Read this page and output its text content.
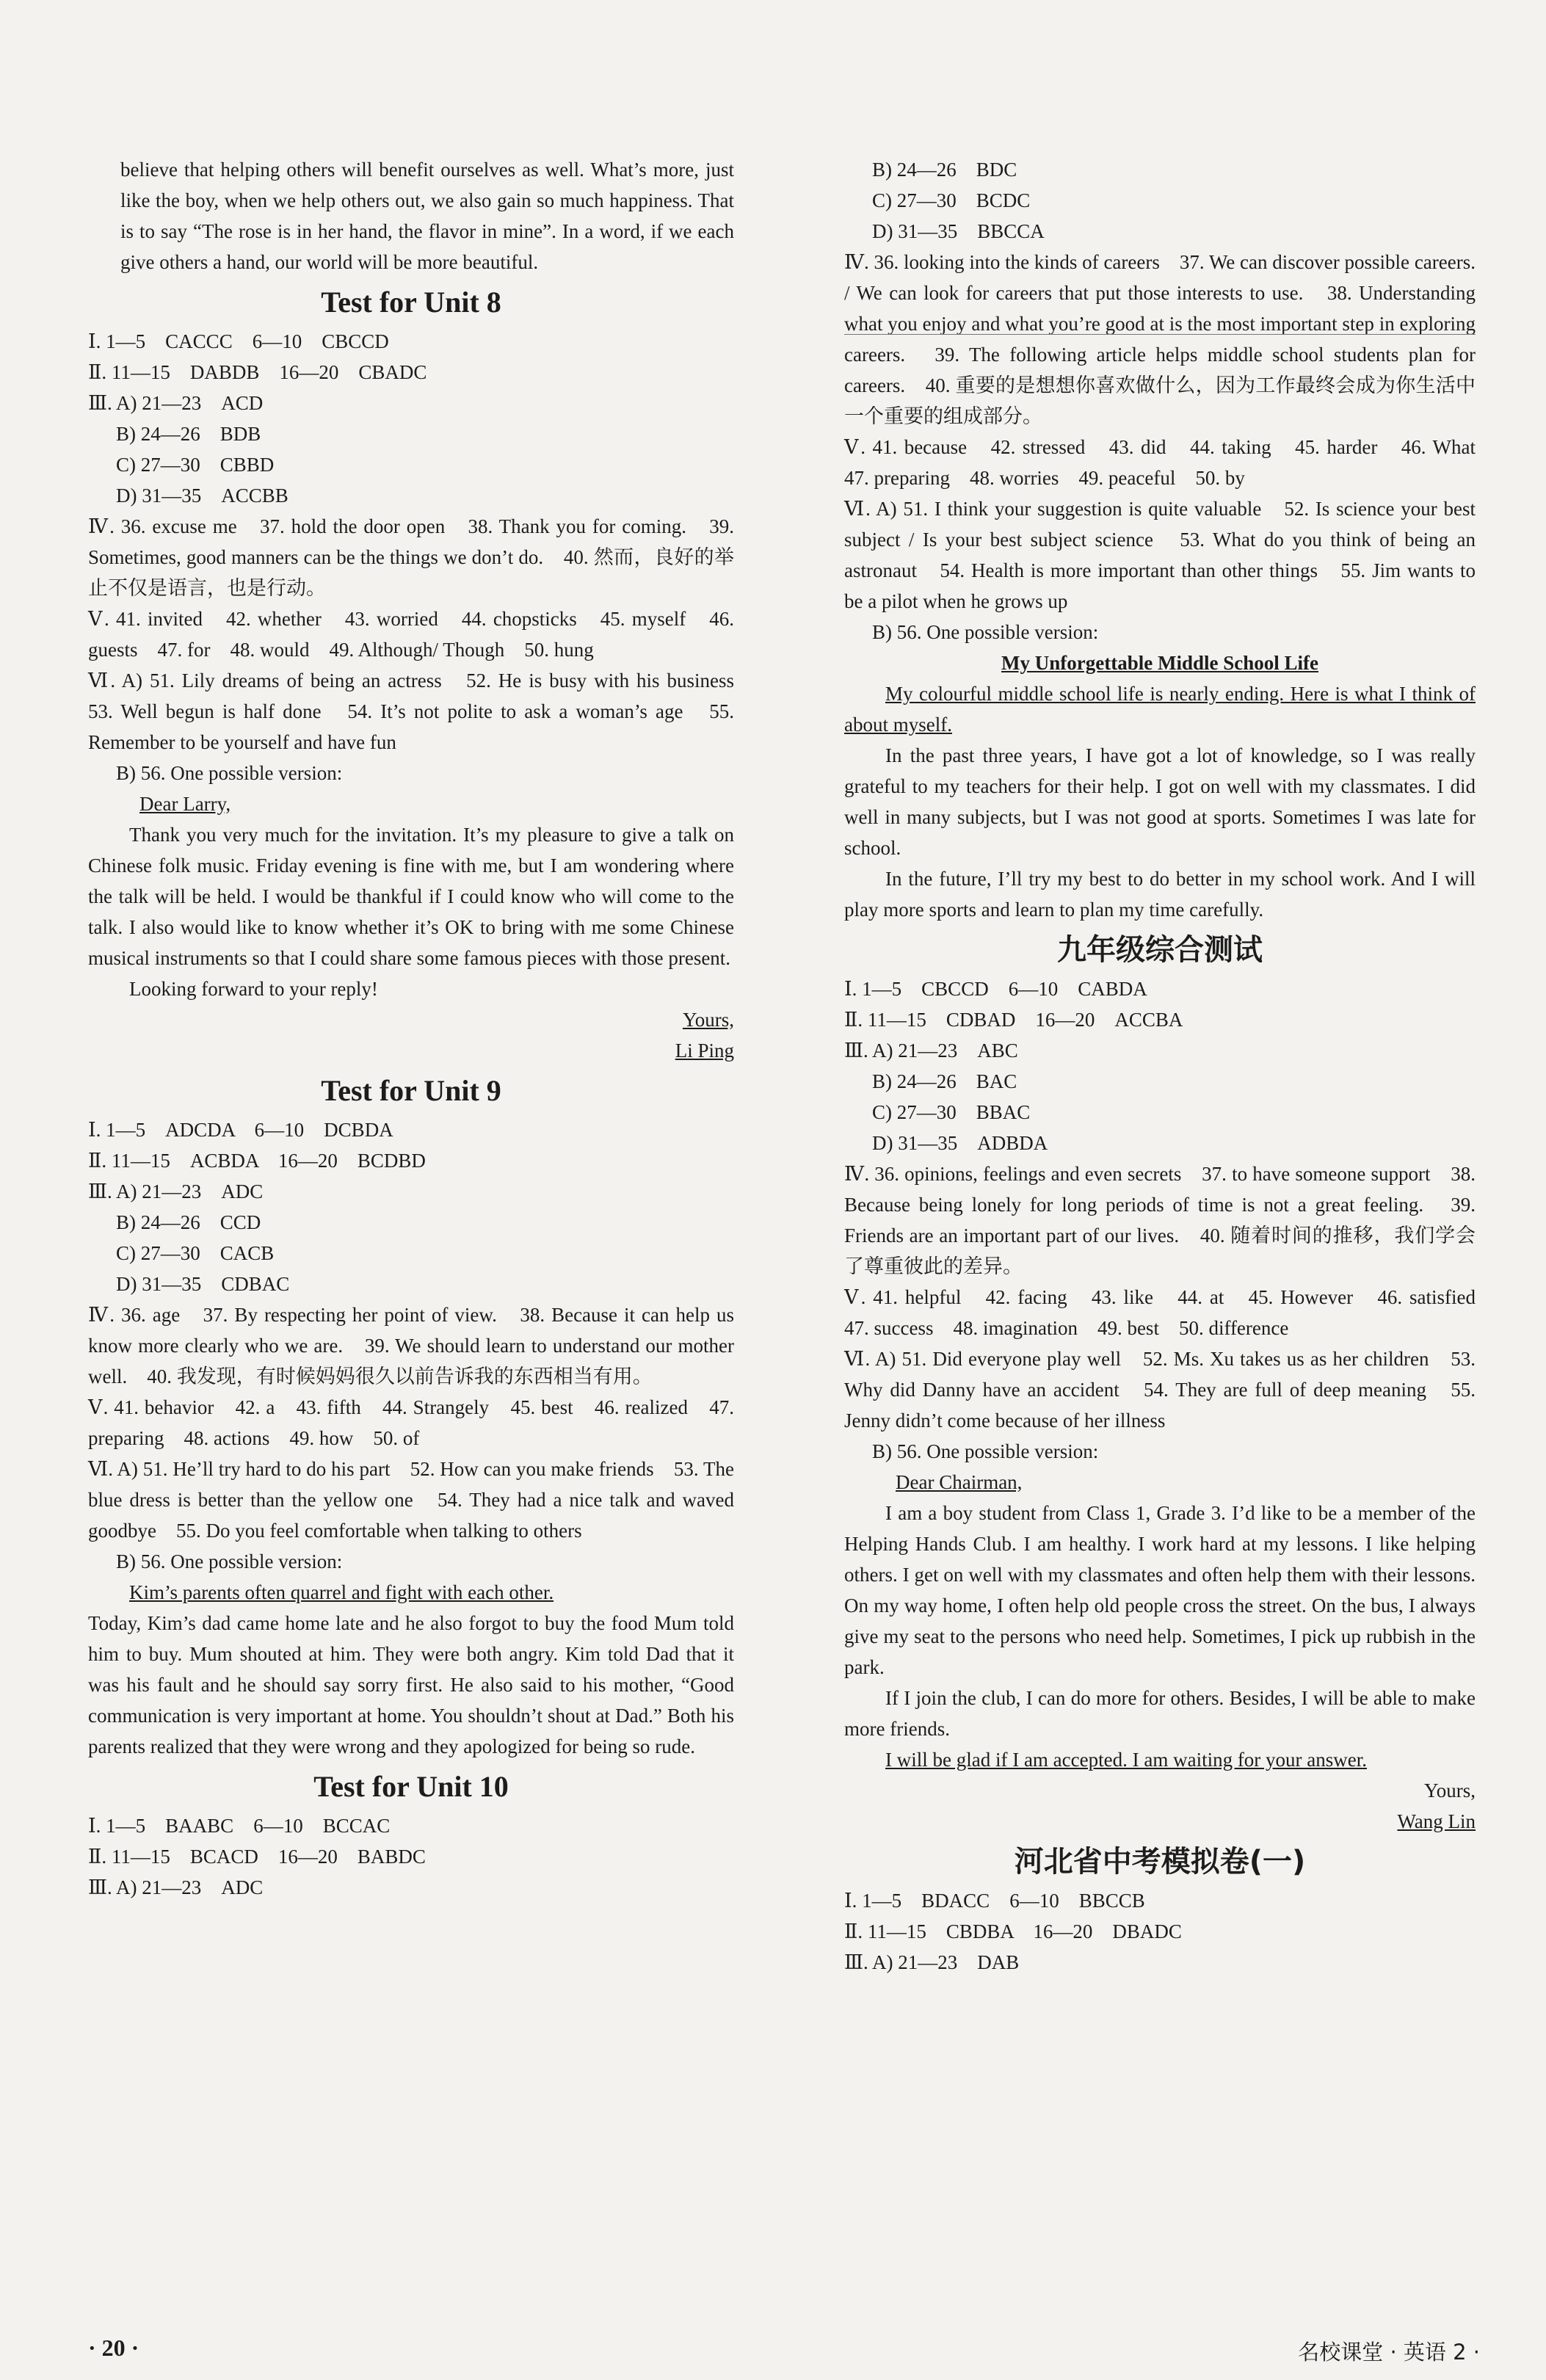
believe that helping others will benefit ourselves as well. What’s more, just like the boy, when we help others out, we also gain so much happiness. That is to say “The rose is in her hand, the flavor in mine”. In a word, if we each give others a hand, our world will be more beautiful.
Test for Unit 8
Ⅰ. 1—5　CACCC　6—10　CBCCD
Ⅱ. 11—15　DABDB　16—20　CBADC
Ⅲ. A) 21—23　ACD
B) 24—26　BDB
C) 27—30　CBBD
D) 31—35　ACCBB
Ⅳ. 36. excuse me　37. hold the door open　38. Thank you for coming.　39. Sometimes, good manners can be the things we don’t do.　40. 然而，良好的举止不仅是语言，也是行动。
Ⅴ. 41. invited　42. whether　43. worried　44. chopsticks　45. myself　46. guests　47. for　48. would　49. Although/ Though　50. hung
Ⅵ. A) 51. Lily dreams of being an actress　52. He is busy with his business　53. Well begun is half done　54. It’s not polite to ask a woman’s age　55. Remember to be yourself and have fun
B) 56. One possible version:
Dear Larry,
Thank you very much for the invitation. It’s my pleasure to give a talk on Chinese folk music. Friday evening is fine with me, but I am wondering where the talk will be held. I would be thankful if I could know who will come to the talk. I also would like to know whether it’s OK to bring with me some Chinese musical instruments so that I could share some famous pieces with those present.
Looking forward to your reply!
Yours,
Li Ping
Test for Unit 9
Ⅰ. 1—5　ADCDA　6—10　DCBDA
Ⅱ. 11—15　ACBDA　16—20　BCDBD
Ⅲ. A) 21—23　ADC
B) 24—26　CCD
C) 27—30　CACB
D) 31—35　CDBAC
Ⅳ. 36. age　37. By respecting her point of view.　38. Because it can help us know more clearly who we are.　39. We should learn to understand our mother well.　40. 我发现，有时候妈妈很久以前告诉我的东西相当有用。
Ⅴ. 41. behavior　42. a　43. fifth　44. Strangely　45. best　46. realized　47. preparing　48. actions　49. how　50. of
Ⅵ. A) 51. He’ll try hard to do his part　52. How can you make friends　53. The blue dress is better than the yellow one　54. They had a nice talk and waved goodbye　55. Do you feel comfortable when talking to others
B) 56. One possible version:
Kim’s parents often quarrel and fight with each other.
Today, Kim’s dad came home late and he also forgot to buy the food Mum told him to buy. Mum shouted at him. They were both angry. Kim told Dad that it was his fault and he should say sorry first. He also said to his mother, “Good communication is very important at home. You shouldn’t shout at Dad.” Both his parents realized that they were wrong and they apologized for being so rude.
Test for Unit 10
Ⅰ. 1—5　BAABC　6—10　BCCAC
Ⅱ. 11—15　BCACD　16—20　BABDC
Ⅲ. A) 21—23　ADC
B) 24—26　BDC
C) 27—30　BCDC
D) 31—35　BBCCA
Ⅳ. 36. looking into the kinds of careers　37. We can discover possible careers. / We can look for careers that put those interests to use.　38. Understanding what you enjoy and what you’re good at is the most important step in exploring careers.　39. The following article helps middle school students plan for careers.　40. 重要的是想想你喜欢做什么，因为工作最终会成为你生活中一个重要的组成部分。
Ⅴ. 41. because　42. stressed　43. did　44. taking　45. harder　46. What　47. preparing　48. worries　49. peaceful　50. by
Ⅵ. A) 51. I think your suggestion is quite valuable　52. Is science your best subject / Is your best subject science　53. What do you think of being an astronaut　54. Health is more important than other things　55. Jim wants to be a pilot when he grows up
B) 56. One possible version:
My Unforgettable Middle School Life
My colourful middle school life is nearly ending. Here is what I think of about myself.
In the past three years, I have got a lot of knowledge, so I was really grateful to my teachers for their help. I got on well with my classmates. I did well in many subjects, but I was not good at sports. Sometimes I was late for school.
In the future, I’ll try my best to do better in my school work. And I will play more sports and learn to plan my time carefully.
九年级综合测试
Ⅰ. 1—5　CBCCD　6—10　CABDA
Ⅱ. 11—15　CDBAD　16—20　ACCBA
Ⅲ. A) 21—23　ABC
B) 24—26　BAC
C) 27—30　BBAC
D) 31—35　ADBDA
Ⅳ. 36. opinions, feelings and even secrets　37. to have someone support　38. Because being lonely for long periods of time is not a great feeling.　39. Friends are an important part of our lives.　40. 随着时间的推移，我们学会了尊重彼此的差异。
Ⅴ. 41. helpful　42. facing　43. like　44. at　45. However　46. satisfied　47. success　48. imagination　49. best　50. difference
Ⅵ. A) 51. Did everyone play well　52. Ms. Xu takes us as her children　53. Why did Danny have an accident　54. They are full of deep meaning　55. Jenny didn’t come because of her illness
B) 56. One possible version:
Dear Chairman,
I am a boy student from Class 1, Grade 3. I’d like to be a member of the Helping Hands Club. I am healthy. I work hard at my lessons. I like helping others. I get on well with my classmates and often help them with their lessons. On my way home, I often help old people cross the street. On the bus, I always give my seat to the persons who need help. Sometimes, I pick up rubbish in the park.
If I join the club, I can do more for others. Besides, I will be able to make more friends.
I will be glad if I am accepted. I am waiting for your answer.
Yours,
Wang Lin
河北省中考模拟卷(一)
Ⅰ. 1—5　BDACC　6—10　BBCCB
Ⅱ. 11—15　CBDBA　16—20　DBADC
Ⅲ. A) 21—23　DAB
· 20 ·	名校课堂 · 英语 2 ·
